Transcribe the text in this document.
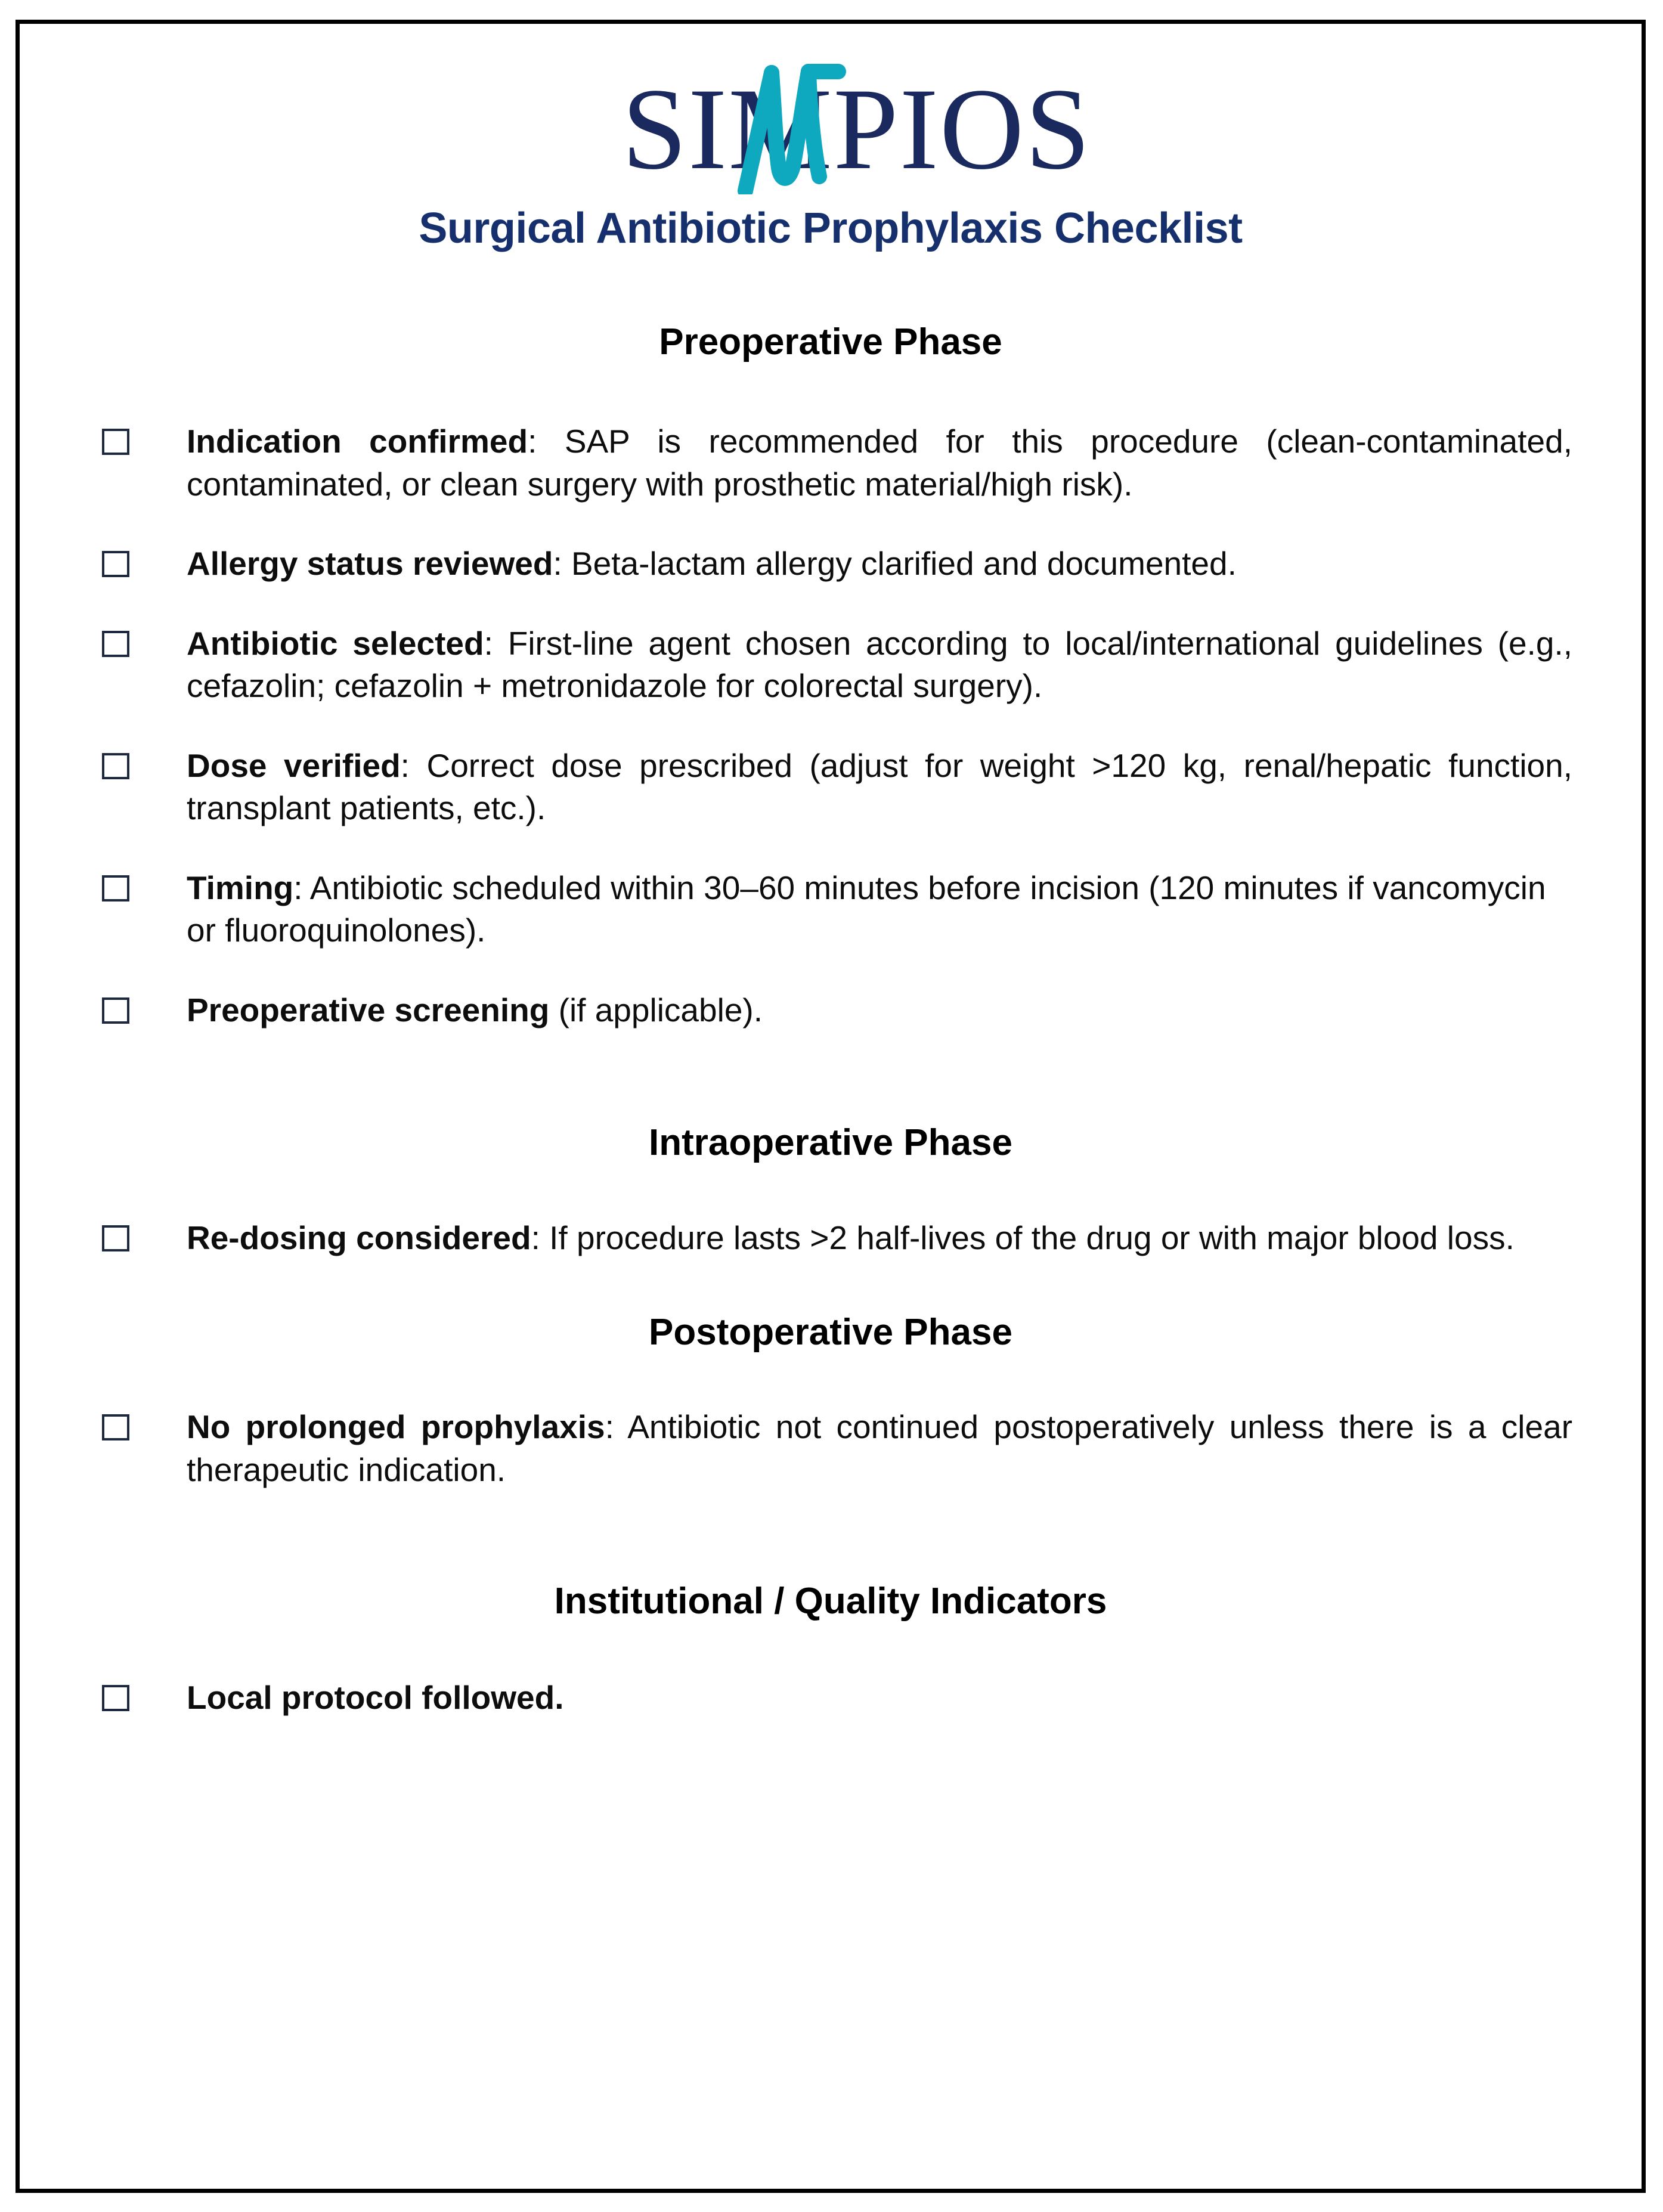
SIMPIOS
Surgical Antibiotic Prophylaxis Checklist
Preoperative Phase
Indication confirmed: SAP is recommended for this procedure (clean-contaminated, contaminated, or clean surgery with prosthetic material/high risk).
Allergy status reviewed: Beta-lactam allergy clarified and documented.
Antibiotic selected: First-line agent chosen according to local/international guidelines (e.g., cefazolin; cefazolin + metronidazole for colorectal surgery).
Dose verified: Correct dose prescribed (adjust for weight >120 kg, renal/hepatic function, transplant patients, etc.).
Timing: Antibiotic scheduled within 30–60 minutes before incision (120 minutes if vancomycin or fluoroquinolones).
Preoperative screening (if applicable).
Intraoperative Phase
Re-dosing considered: If procedure lasts >2 half-lives of the drug or with major blood loss.
Postoperative Phase
No prolonged prophylaxis: Antibiotic not continued postoperatively unless there is a clear therapeutic indication.
Institutional / Quality Indicators
Local protocol followed.
